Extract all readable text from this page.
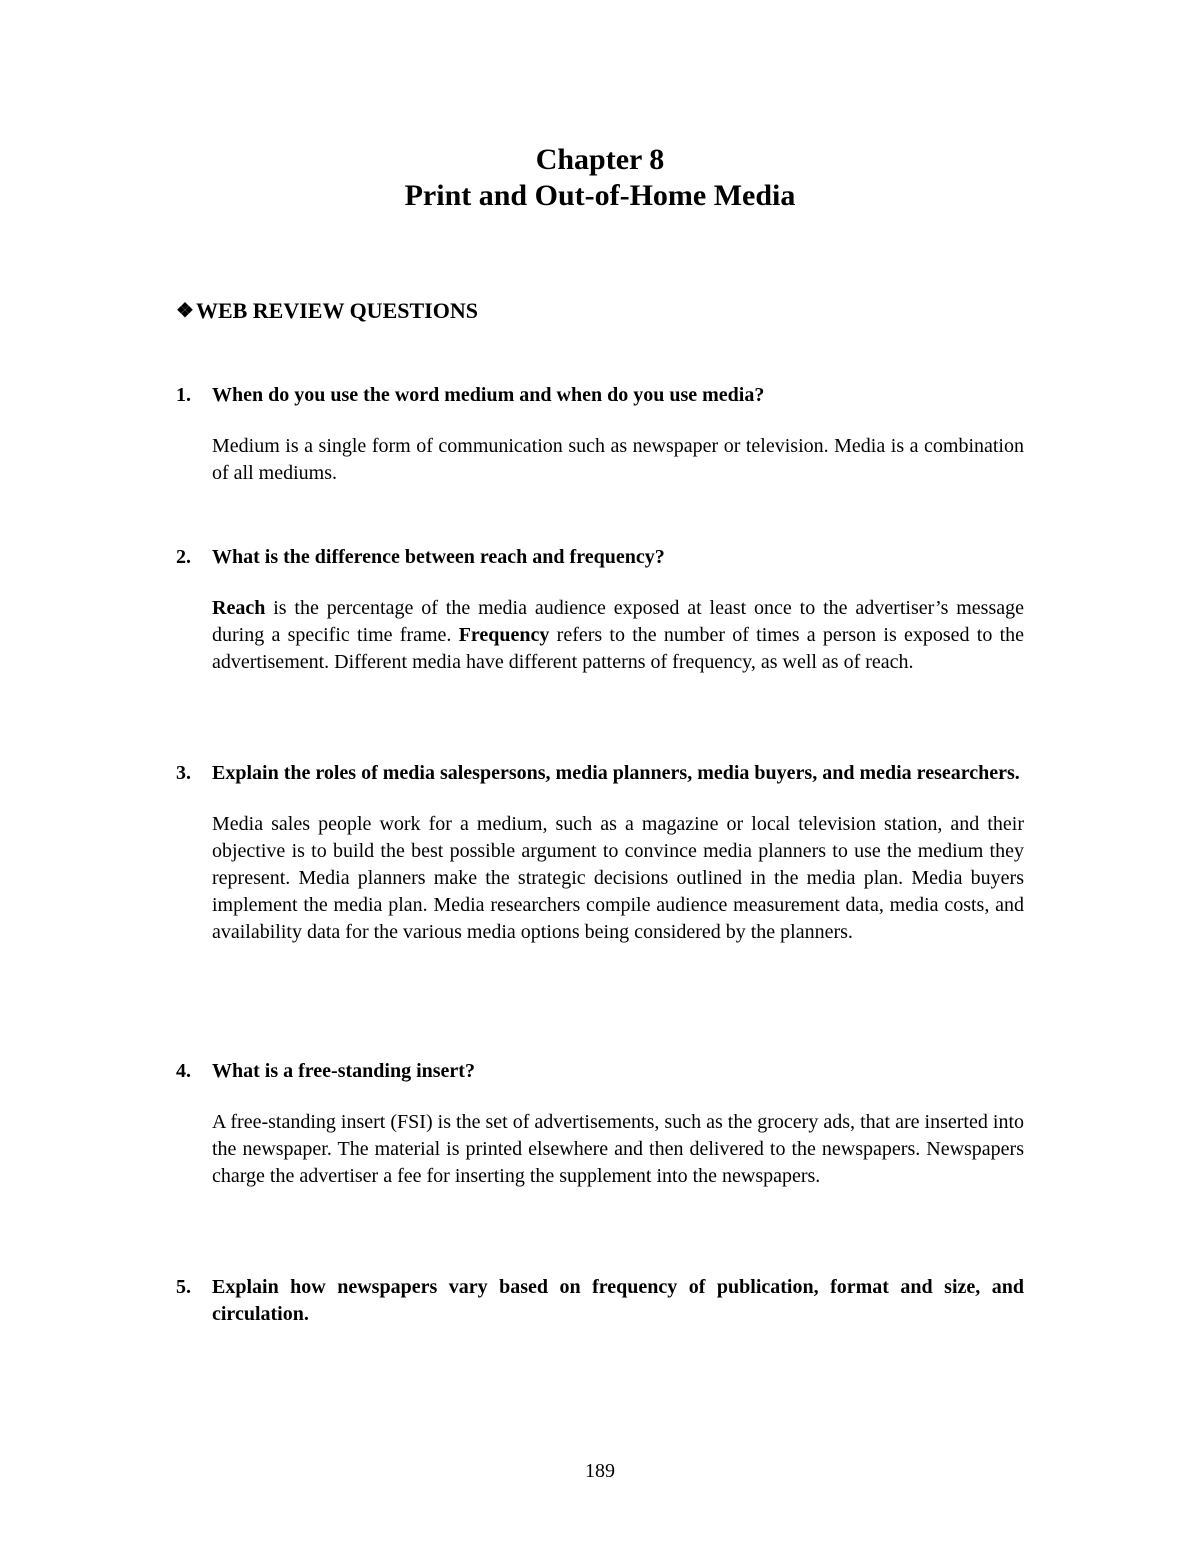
Chapter 8
Print and Out-of-Home Media
❖ WEB REVIEW QUESTIONS
1.	When do you use the word medium and when do you use media?
Medium is a single form of communication such as newspaper or television. Media is a combination of all mediums.
2.	What is the difference between reach and frequency?
Reach is the percentage of the media audience exposed at least once to the advertiser’s message during a specific time frame. Frequency refers to the number of times a person is exposed to the advertisement. Different media have different patterns of frequency, as well as of reach.
3.	Explain the roles of media salespersons, media planners, media buyers, and media researchers.
Media sales people work for a medium, such as a magazine or local television station, and their objective is to build the best possible argument to convince media planners to use the medium they represent. Media planners make the strategic decisions outlined in the media plan. Media buyers implement the media plan. Media researchers compile audience measurement data, media costs, and availability data for the various media options being considered by the planners.
4.	What is a free-standing insert?
A free-standing insert (FSI) is the set of advertisements, such as the grocery ads, that are inserted into the newspaper. The material is printed elsewhere and then delivered to the newspapers. Newspapers charge the advertiser a fee for inserting the supplement into the newspapers.
5.	Explain how newspapers vary based on frequency of publication, format and size, and circulation.
189
